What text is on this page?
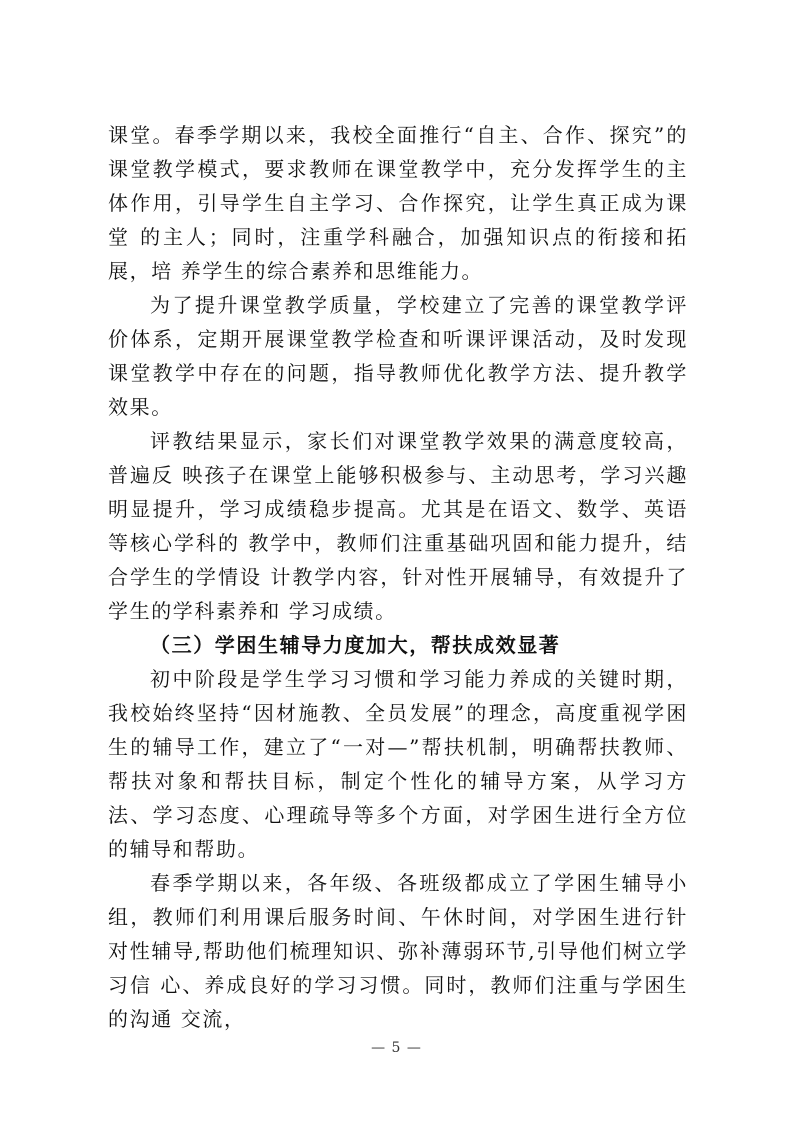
课堂。春季学期以来，我校全面推行“自主、合作、探究”的课堂教学模式，要求教师在课堂教学中，充分发挥学生的主 体作用，引导学生自主学习、合作探究，让学生真正成为课堂 的主人；同时，注重学科融合，加强知识点的衔接和拓展，培 养学生的综合素养和思维能力。

为了提升课堂教学质量，学校建立了完善的课堂教学评价体系，定期开展课堂教学检查和听课评课活动，及时发现课堂教学中存在的问题，指导教师优化教学方法、提升教学效果。

评教结果显示，家长们对课堂教学效果的满意度较高，普遍反 映孩子在课堂上能够积极参与、主动思考，学习兴趣明显提升，学习成绩稳步提高。尤其是在语文、数学、英语等核心学科的 教学中，教师们注重基础巩固和能力提升，结合学生的学情设 计教学内容，针对性开展辅导，有效提升了学生的学科素养和 学习成绩。

（三）学困生辅导力度加大，帮扶成效显著

初中阶段是学生学习习惯和学习能力养成的关键时期，我校始终坚持“因材施教、全员发展”的理念，高度重视学困生的辅导工作，建立了“一对—”帮扶机制，明确帮扶教师、帮扶对象和帮扶目标，制定个性化的辅导方案，从学习方法、学习态度、心理疏导等多个方面，对学困生进行全方位的辅导和帮助。

春季学期以来，各年级、各班级都成立了学困生辅导小组，教师们利用课后服务时间、午休时间，对学困生进行针对性辅导,帮助他们梳理知识、弥补薄弱环节,引导他们树立学习信 心、养成良好的学习习惯。同时，教师们注重与学困生的沟通 交流，

— 5 —
